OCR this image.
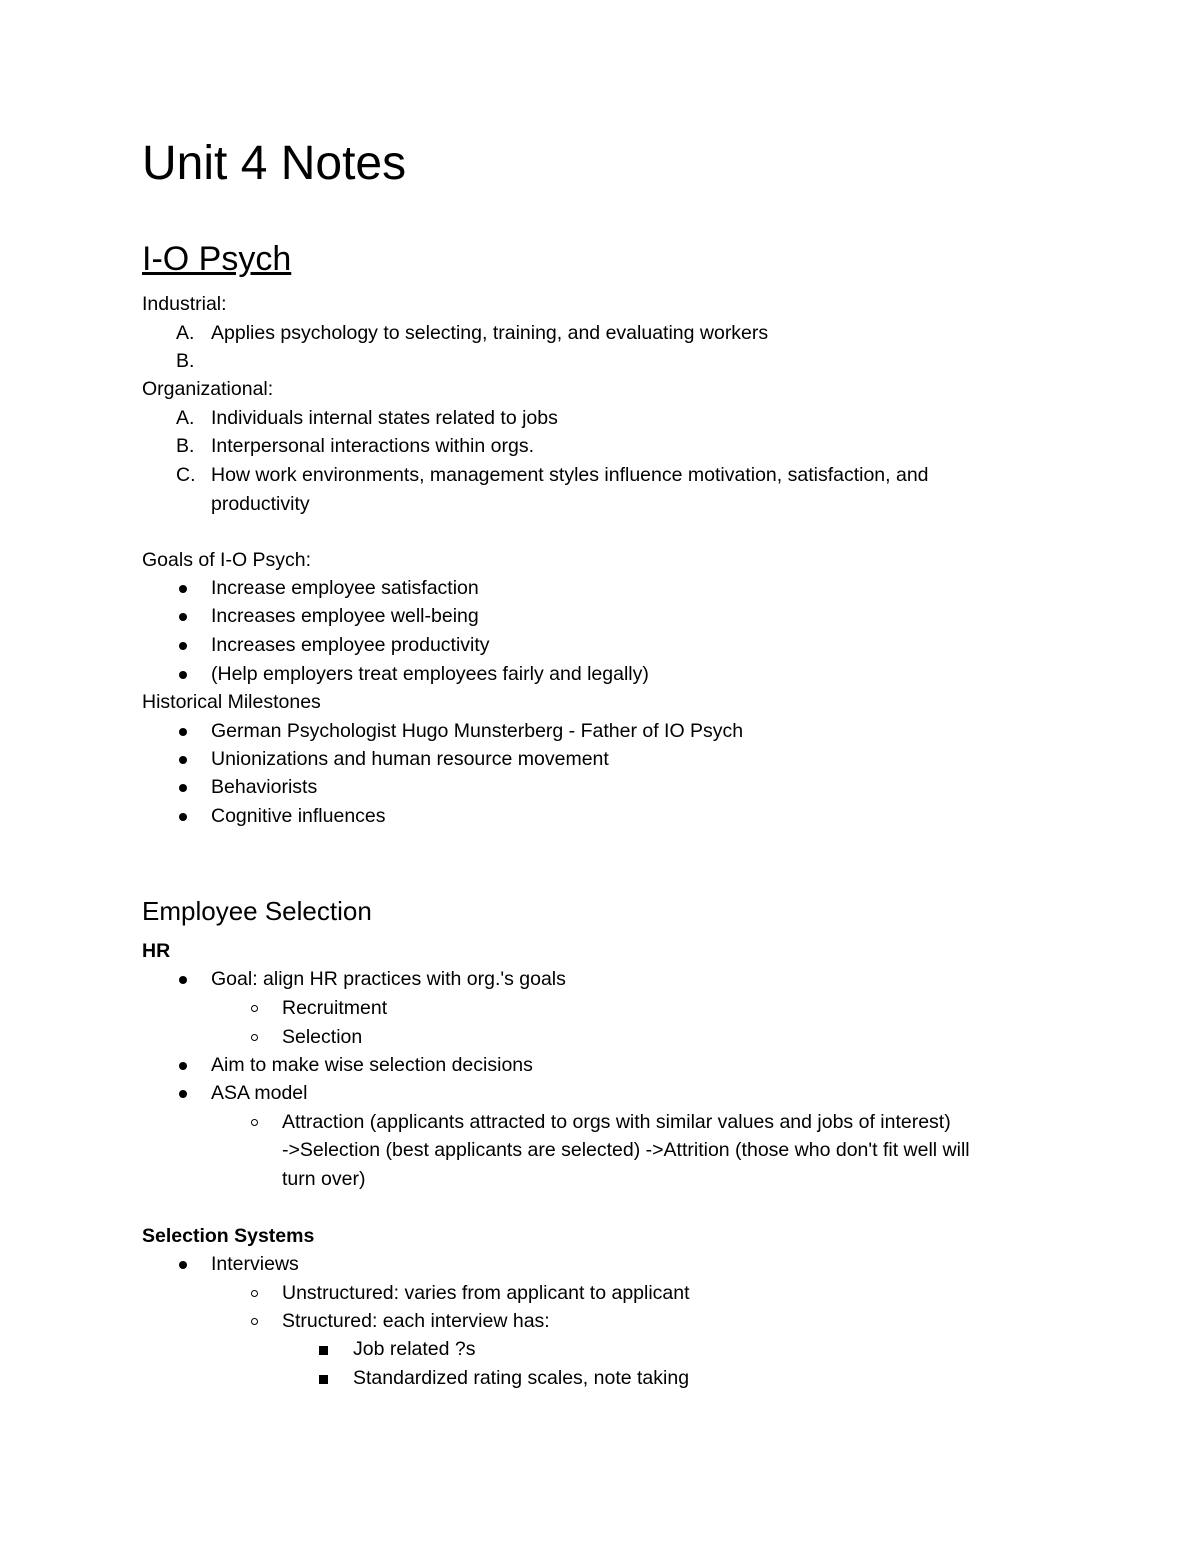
Unit 4 Notes
I-O Psych
Industrial:
A. Applies psychology to selecting, training, and evaluating workers
B.
Organizational:
A. Individuals internal states related to jobs
B. Interpersonal interactions within orgs.
C. How work environments, management styles influence motivation, satisfaction, and
productivity
Goals of I-O Psych:
Increase employee satisfaction
Increases employee well-being
Increases employee productivity
(Help employers treat employees fairly and legally)
Historical Milestones
German Psychologist Hugo Munsterberg - Father of IO Psych
Unionizations and human resource movement
Behaviorists
Cognitive influences
Employee Selection
HR
Goal: align HR practices with org.'s goals
Recruitment
Selection
Aim to make wise selection decisions
ASA model
Attraction (applicants attracted to orgs with similar values and jobs of interest)
->Selection (best applicants are selected) ->Attrition (those who don't fit well will
turn over)
Selection Systems
Interviews
Unstructured: varies from applicant to applicant
Structured: each interview has:
Job related ?s
Standardized rating scales, note taking
